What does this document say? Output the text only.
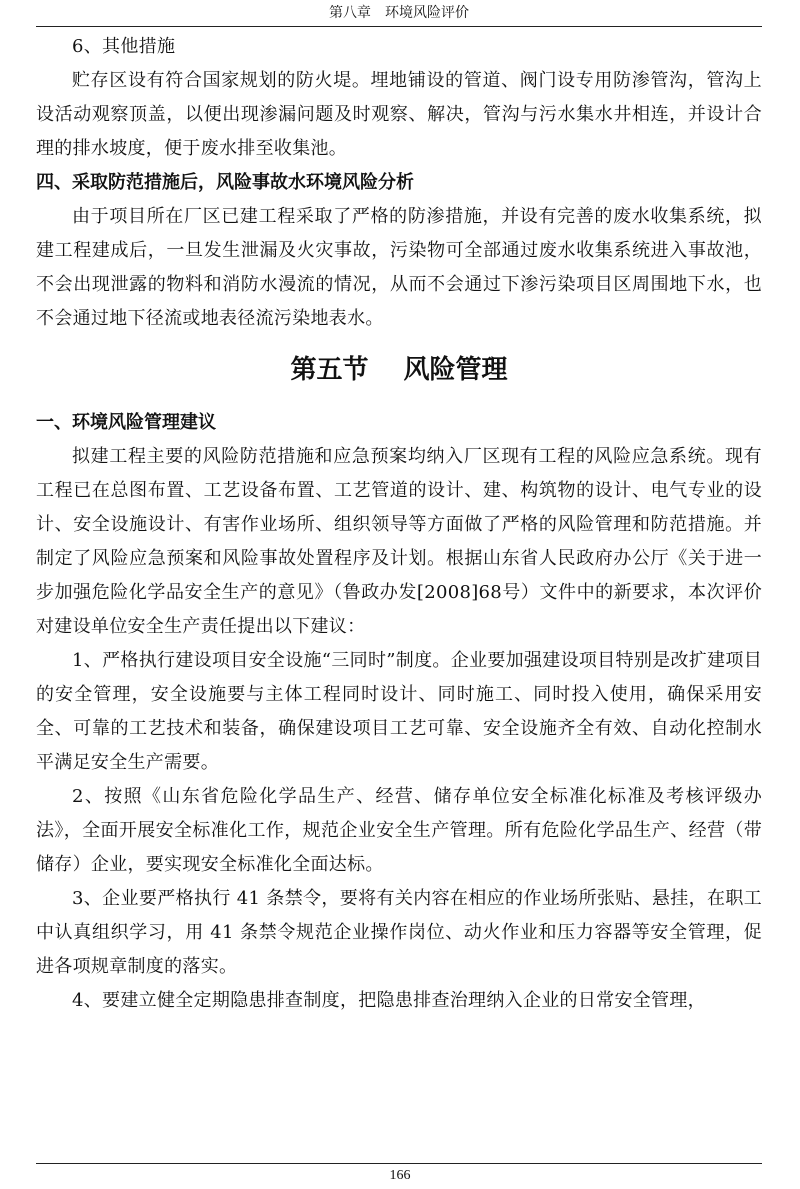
第八章　环境风险评价

6、其他措施

贮存区设有符合国家规划的防火堤。埋地铺设的管道、阀门设专用防渗管沟，管沟上设活动观察顶盖，以便出现渗漏问题及时观察、解决，管沟与污水集水井相连，并设计合理的排水坡度，便于废水排至收集池。

四、采取防范措施后，风险事故水环境风险分析

由于项目所在厂区已建工程采取了严格的防渗措施，并设有完善的废水收集系统，拟建工程建成后，一旦发生泄漏及火灾事故，污染物可全部通过废水收集系统进入事故池，不会出现泄露的物料和消防水漫流的情况，从而不会通过下渗污染项目区周围地下水，也不会通过地下径流或地表径流污染地表水。

第五节　 风险管理

一、环境风险管理建议

拟建工程主要的风险防范措施和应急预案均纳入厂区现有工程的风险应急系统。现有工程已在总图布置、工艺设备布置、工艺管道的设计、建、构筑物的设计、电气专业的设计、安全设施设计、有害作业场所、组织领导等方面做了严格的风险管理和防范措施。并制定了风险应急预案和风险事故处置程序及计划。根据山东省人民政府办公厅《关于进一步加强危险化学品安全生产的意见》（鲁政办发[2008]68号）文件中的新要求，本次评价对建设单位安全生产责任提出以下建议：

1、严格执行建设项目安全设施“三同时”制度。企业要加强建设项目特别是改扩建项目的安全管理，安全设施要与主体工程同时设计、同时施工、同时投入使用，确保采用安全、可靠的工艺技术和装备，确保建设项目工艺可靠、安全设施齐全有效、自动化控制水平满足安全生产需要。

2、按照《山东省危险化学品生产、经营、储存单位安全标准化标准及考核评级办法》，全面开展安全标准化工作，规范企业安全生产管理。所有危险化学品生产、经营（带储存）企业，要实现安全标准化全面达标。

3、企业要严格执行 41 条禁令，要将有关内容在相应的作业场所张贴、悬挂，在职工中认真组织学习，用 41 条禁令规范企业操作岗位、动火作业和压力容器等安全管理，促进各项规章制度的落实。

4、要建立健全定期隐患排查制度，把隐患排查治理纳入企业的日常安全管理，

166
